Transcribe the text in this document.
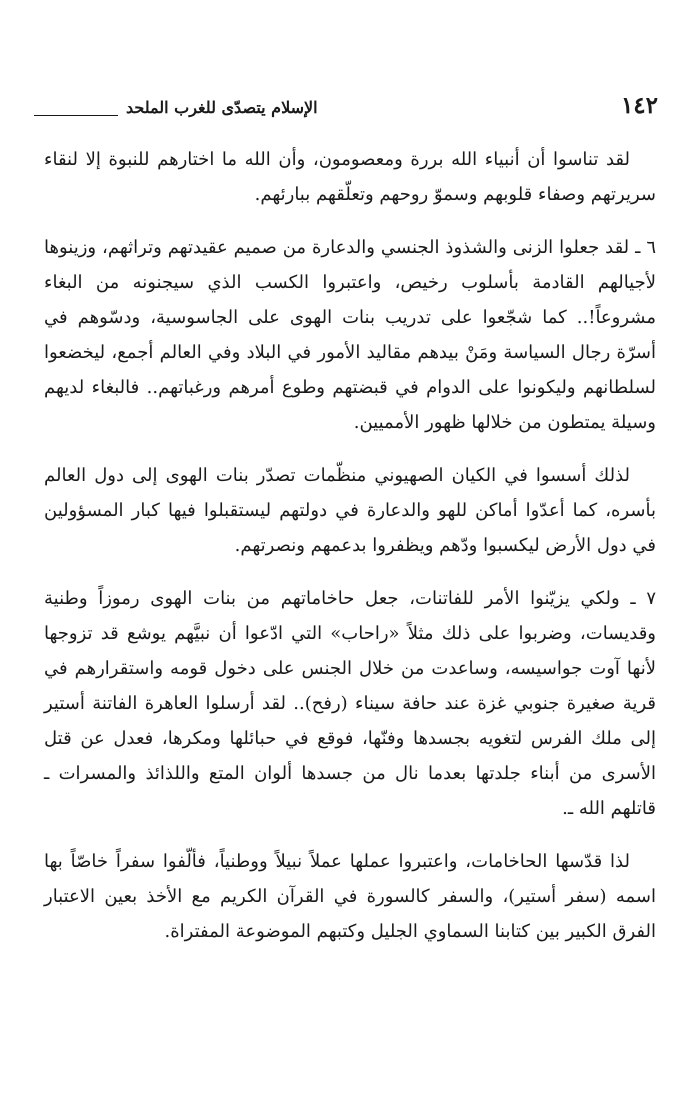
١٤٢
الإسلام يتصدّى للغرب الملحد

لقد تناسوا أن أنبياء الله بررة ومعصومون، وأن الله ما اختارهم للنبوة إلا لنقاء سريرتهم وصفاء قلوبهم وسموّ روحهم وتعلّقهم ببارئهم.

٦ ـ لقد جعلوا الزنى والشذوذ الجنسي والدعارة من صميم عقيدتهم وتراثهم، وزينوها لأجيالهم القادمة بأسلوب رخيص، واعتبروا الكسب الذي سيجنونه من البغاء مشروعاً!.. كما شجّعوا على تدريب بنات الهوى على الجاسوسية، ودسّوهم في أسرّة رجال السياسة ومَنْ بيدهم مقاليد الأمور في البلاد وفي العالم أجمع، ليخضعوا لسلطانهم وليكونوا على الدوام في قبضتهم وطوع أمرهم ورغباتهم.. فالبغاء لديهم وسيلة يمتطون من خلالها ظهور الأمميين.

لذلك أسسوا في الكيان الصهيوني منظّمات تصدّر بنات الهوى إلى دول العالم بأسره، كما أعدّوا أماكن للهو والدعارة في دولتهم ليستقبلوا فيها كبار المسؤولين في دول الأرض ليكسبوا ودّهم ويظفروا بدعمهم ونصرتهم.

٧ ـ ولكي يزيّنوا الأمر للفاتنات، جعل حاخاماتهم من بنات الهوى رموزاً وطنية وقديسات، وضربوا على ذلك مثلاً «راحاب» التي ادّعوا أن نبيَّهم يوشع قد تزوجها لأنها آوت جواسيسه، وساعدت من خلال الجنس على دخول قومه واستقرارهم في قرية صغيرة جنوبي غزة عند حافة سيناء (رفح).. لقد أرسلوا العاهرة الفاتنة أستير إلى ملك الفرس لتغويه بجسدها وفنّها، فوقع في حبائلها ومكرها، فعدل عن قتل الأسرى من أبناء جلدتها بعدما نال من جسدها ألوان المتع واللذائذ والمسرات ـ قاتلهم الله ـ.

لذا قدّسها الحاخامات، واعتبروا عملها عملاً نبيلاً ووطنياً، فألّفوا سفراً خاصّاً بها اسمه (سفر أستير)، والسفر كالسورة في القرآن الكريم مع الأخذ بعين الاعتبار الفرق الكبير بين كتابنا السماوي الجليل وكتبهم الموضوعة المفتراة.
